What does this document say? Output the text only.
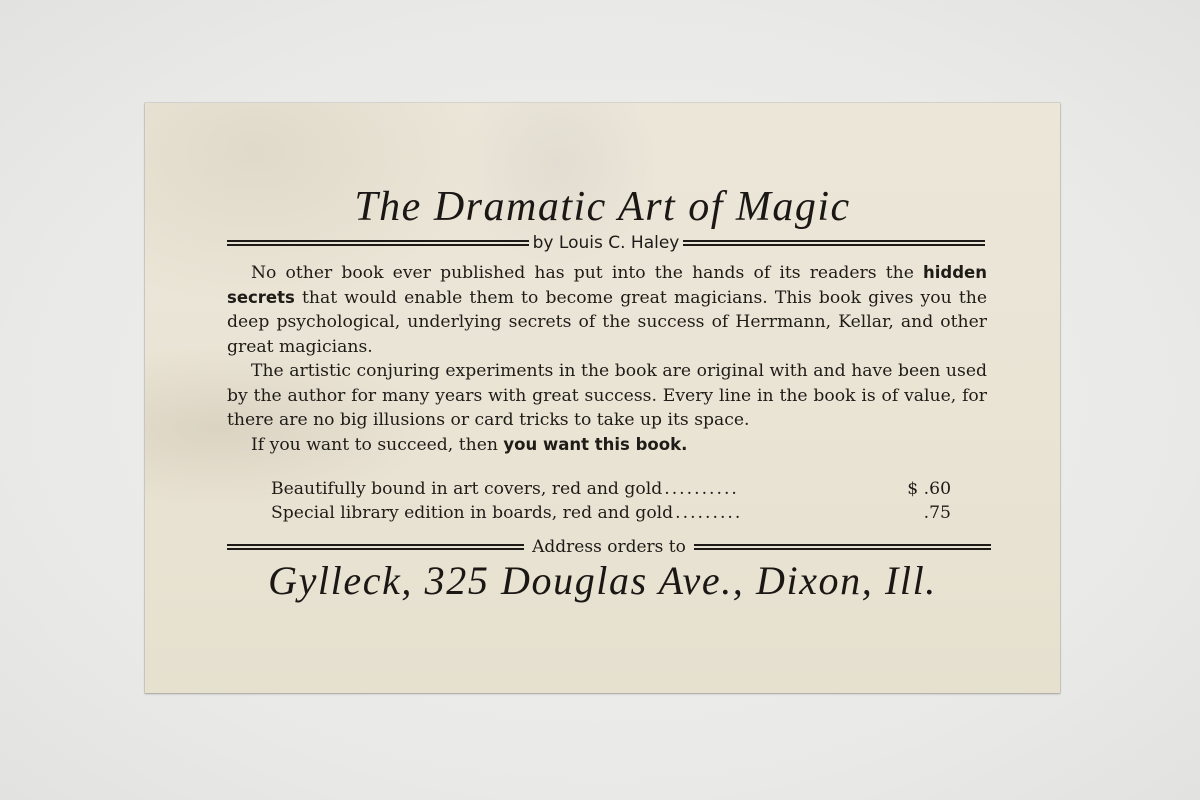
The Dramatic Art of Magic
by Louis C. Haley

No other book ever published has put into the hands of its readers the hidden secrets that would enable them to become great magicians. This book gives you the deep psychological, underlying secrets of the success of Herrmann, Kellar, and other great magicians.

The artistic conjuring experiments in the book are original with and have been used by the author for many years with great success. Every line in the book is of value, for there are no big illusions or card tricks to take up its space.

If you want to succeed, then you want this book.

Beautifully bound in art covers, red and gold ..........	$ .60
Special library edition in boards, red and gold .........	.75
Address orders to
Gylleck, 325 Douglas Ave., Dixon, Ill.
